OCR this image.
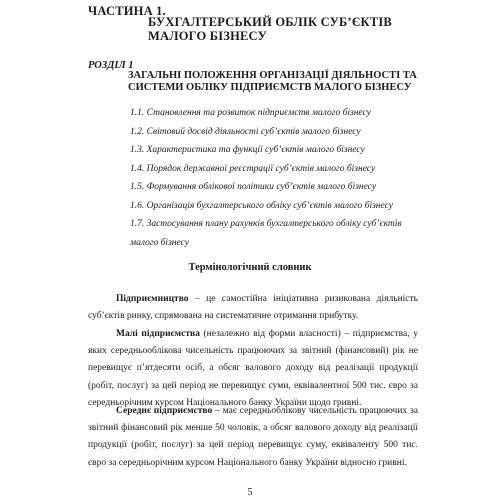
ЧАСТИНА 1.

БУХГАЛТЕРСЬКИЙ ОБЛІК СУБ’ЄКТІВ
МАЛОГО БІЗНЕСУ

РОЗДІЛ 1

ЗАГАЛЬНІ ПОЛОЖЕННЯ ОРГАНІЗАЦІЇ ДІЯЛЬНОСТІ ТА
СИСТЕМИ ОБЛІКУ ПІДПРИЄМСТВ МАЛОГО БІЗНЕСУ
1.1. Становлення та розвиток підприємств малого бізнесу
1.2. Світовий досвід діяльності суб’єктів малого бізнесу
1.3. Характеристика та функції суб’єктів малого бізнесу
1.4. Порядок державної реєстрації суб’єктів малого бізнесу
1.5. Формування облікової політики суб’єктів малого бізнесу
1.6. Організація бухгалтерського обліку суб’єктів малого бізнесу
1.7. Застосування плану рахунків бухгалтерського обліку суб’єктів малого бізнесу

Термінологічний словник

Підприємництво – це самостійна ініціативна ризикована діяльність суб’єктів ринку, спрямована на систематичне отримання прибутку.
Малі підприємства (незалежно від форми власності) – підприємства, у яких середньооблікова чисельність працюючих за звітний (фінансовий) рік не перевищує п’ятдесяти осіб, а обсяг валового доходу від реалізації продукції (робіт, послуг) за цей період не перевищує суми, еквівалентної 500 тис. євро за середньорічним курсом Національного банку України щодо гривні.
Середнє підприємство – має середньоблікову чисельність працюючих за звітний фінансовий рік менше 50 чоловік, а обсяг валового доходу від реалізації продукції (робіт, послуг) за цей період перевищує суму, еквіваленту 500 тис. євро за середньорічним курсом Національного банку України відносно гривні.

5
